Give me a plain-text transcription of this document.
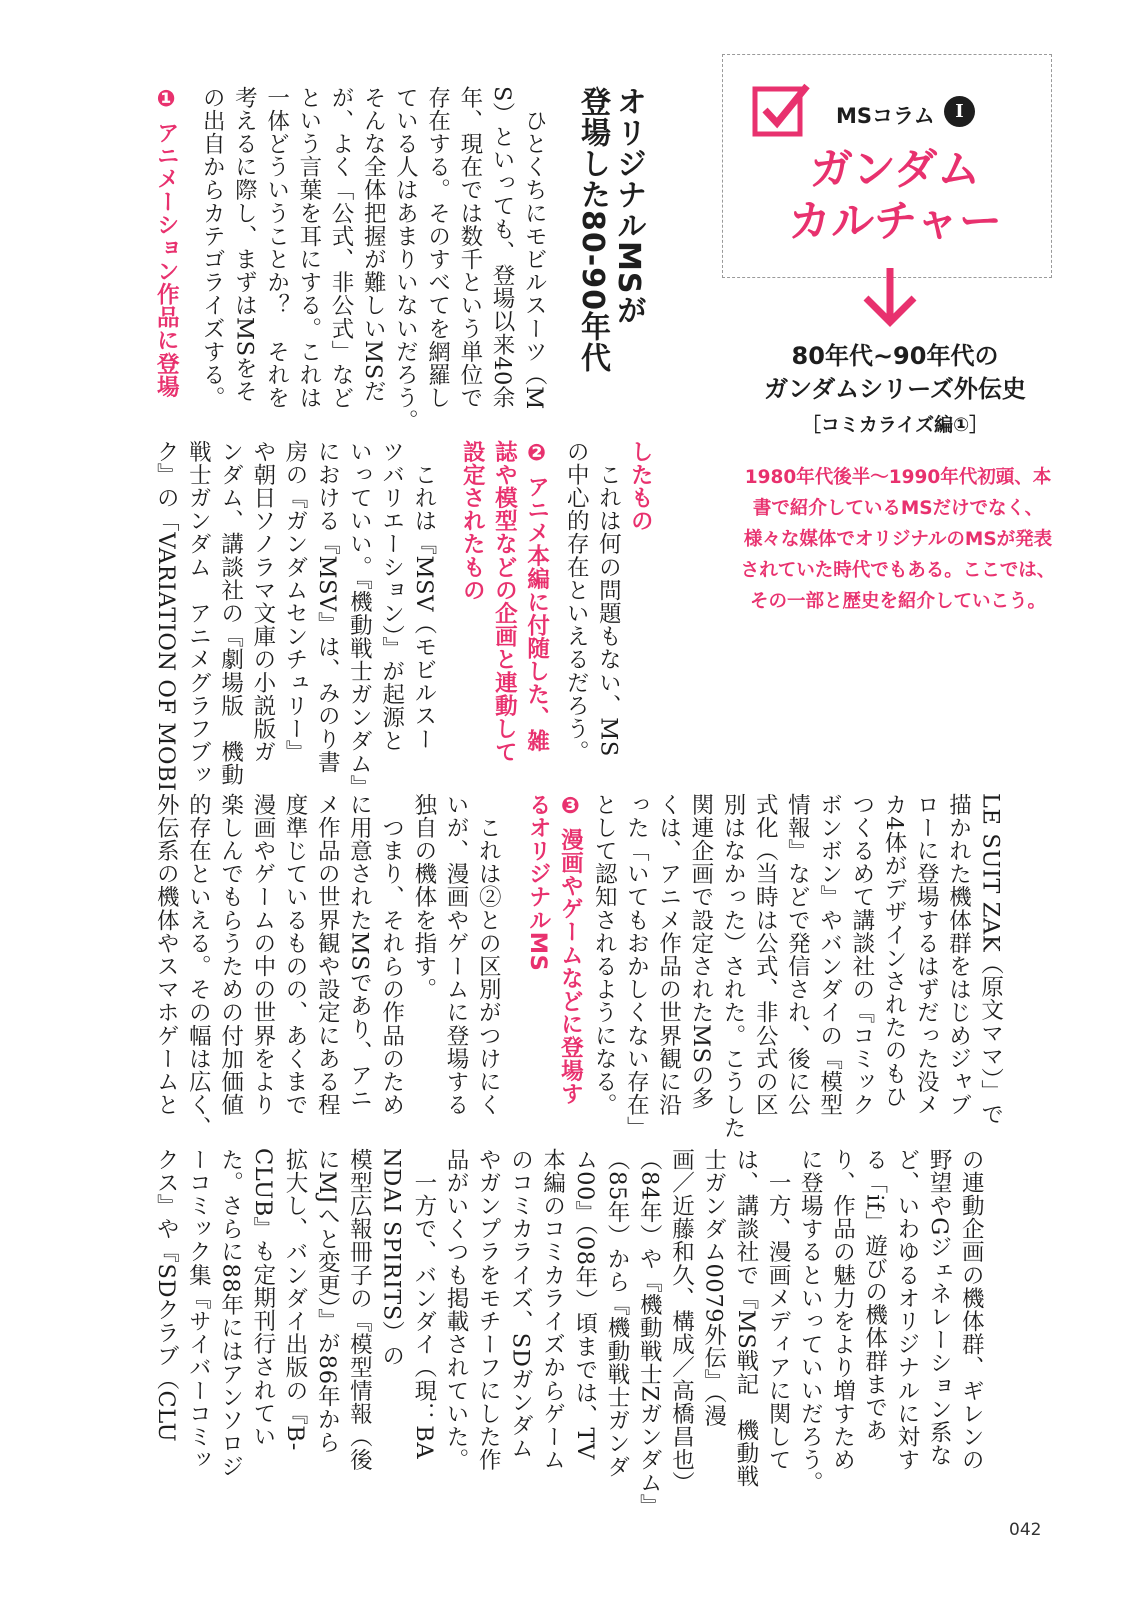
MSコラム	Ⅰ
ガンダム
カルチャー
80年代~90年代の
ガンダムシリーズ外伝史
［コミカライズ編①］
1980年代後半〜1990年代初頭、本書で紹介しているMSだけでなく、様々な媒体でオリジナルのMSが発表されていた時代でもある。ここでは、その一部と歴史を紹介していこう。
オリジナルMSが
登場した80-90年代
　ひとくちにモビルスーツ（M
S）といっても、登場以来40余
年、現在では数千という単位で
存在する。そのすべてを網羅し
ている人はあまりいないだろう。
そんな全体把握が難しいMSだ
が、よく「公式、非公式」など
という言葉を耳にする。これは
一体どういうことか？　それを
考えるに際し、まずはMSをそ
の出自からカテゴライズする。
❶ アニメーション作品に登場
したもの
　これは何の問題もない、MS
の中心的存在といえるだろう。
❷ アニメ本編に付随した、雑
誌や模型などの企画と連動して
設定されたもの
　これは『MSV（モビルスー
ツバリエーション）』が起源と
いっていい。『機動戦士ガンダム』
における『MSV』は、みのり書
房の『ガンダムセンチュリー』
や朝日ソノラマ文庫の小説版ガ
ンダム、講談社の『劇場版　機動
戦士ガンダム　アニメグラフブッ
ク』の「VARIATION OF MOBI
LE SUIT ZAK（原文ママ）」で
描かれた機体群をはじめジャブ
ローに登場するはずだった没メ
カ4体がデザインされたのもひ
つくるめて講談社の『コミック
ボンボン』やバンダイの『模型
情報』などで発信され、後に公
式化（当時は公式、非公式の区
別はなかった）された。こうした
関連企画で設定されたMSの多
くは、アニメ作品の世界観に沿
った「いてもおかしくない存在」
として認知されるようになる。
❸ 漫画やゲームなどに登場す
るオリジナルMS
　これは②との区別がつけにく
いが、漫画やゲームに登場する
独自の機体を指す。
　つまり、それらの作品のため
に用意されたMSであり、アニ
メ作品の世界観や設定にある程
度準じているものの、あくまで
漫画やゲームの中の世界をより
楽しんでもらうための付加価値
的存在といえる。その幅は広く、
外伝系の機体やスマホゲームと
の連動企画の機体群、ギレンの
野望やGジェネレーション系な
ど、いわゆるオリジナルに対す
る「if」遊びの機体群まであ
り、作品の魅力をより増すため
に登場するといっていいだろう。
　一方、漫画メディアに関して
は、講談社で『MS戦記　機動戦
士ガンダム0079外伝』（漫
画／近藤和久、構成／高橋昌也）
（84年）や『機動戦士Zガンダム』
（85年）から『機動戦士ガンダ
ム00』（08年）頃までは、TV
本編のコミカライズからゲーム
のコミカライズ、SDガンダム
やガンプラをモチーフにした作
品がいくつも掲載されていた。
　一方で、バンダイ（現：BA
NDAI SPIRITS）の
模型広報冊子の『模型情報（後
にMJへと変更）』が86年から
拡大し、バンダイ出版の『B-
CLUB』も定期刊行されてい
た。さらに88年にはアンソロジ
ーコミック集『サイバーコミッ
クス』や『SDクラブ（CLU
042
